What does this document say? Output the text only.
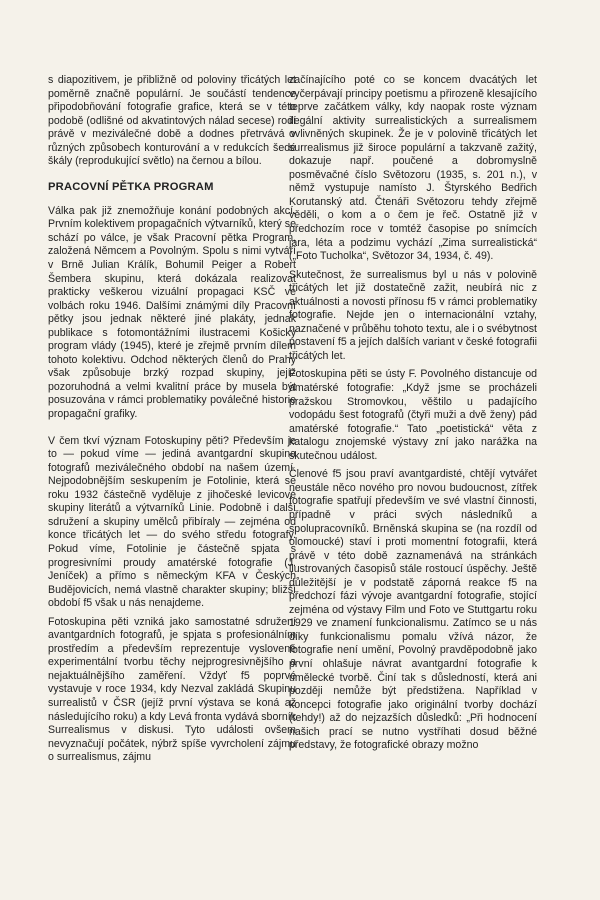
s diapozitivem, je přibližně od poloviny třicátých let poměrně značně populární. Je součástí tendence připodobňování fotografie grafice, která se v této podobě (odlišné od akvatintových nálad secese) rodí právě v meziválečné době a dodnes přetrvává v různých způsobech konturování a v redukcích šedé škály (reprodukující světlo) na černou a bílou.

PRACOVNÍ PĚTKA PROGRAM

Válka pak již znemožňuje konání podobných akcí. Prvním kolektivem propagačních výtvarníků, který se schází po válce, je však Pracovní pětka Program, založená Němcem a Povolným. Spolu s nimi vytváří v Brně Julian Králík, Bohumil Peiger a Robert Šembera skupinu, která dokázala realizovat prakticky veškerou vizuální propagaci KSČ ve volbách roku 1946. Dalšími známými díly Pracovní pětky jsou jednak některé jiné plakáty, jednak publikace s fotomontážními ilustracemi Košický program vlády (1945), které je zřejmě prvním dílem tohoto kolektivu. Odchod některých členů do Prahy však způsobuje brzký rozpad skupiny, jejíž pozoruhodná a velmi kvalitní práce by musela být posuzována v rámci problematiky poválečné historie propagační grafiky.

V čem tkví význam Fotoskupiny pěti? Především je to — pokud víme — jediná avantgardní skupina fotografů meziválečného období na našem území. Nejpodobnějším seskupením je Fotolinie, která se roku 1932 částečně vyděluje z jihočeské levicové skupiny literátů a výtvarníků Linie. Podobně i další sdružení a skupiny umělců přibíraly — zejména od konce třicátých let — do svého středu fotografy. Pokud víme, Fotolinie je částečně spjata s progresivními proudy amatérské fotografie (J. Jeníček) a přímo s německým KFA v Českých Budějovicích, nemá vlastně charakter skupiny; bližší období f5 však u nás nenajdeme.

Fotoskupina pěti vzniká jako samostatné sdružení avantgardních fotografů, je spjata s profesionálním prostředím a především reprezentuje vysloveně experimentální tvorbu těchy nejprogresivnějšího a nejaktuálnějšího zaměření. Vždyť f5 poprvé vystavuje v roce 1934, kdy Nezval zakládá Skupinu surrealistů v ČSR (jejíž první výstava se koná až následujícího roku) a kdy Levá fronta vydává sborník Surrealismus v diskusi. Tyto události ovšem nevyznačují počátek, nýbrž spíše vyvrcholení zájmu o surrealismus, zájmu

začínajícího poté co se koncem dvacátých let vyčerpávají principy poetismu a přirozeně klesajícího teprve začátkem války, kdy naopak roste význam ilegální aktivity surrealistických a surrealismem ovlivněných skupinek. Že je v polovině třicátých let surrealismus již široce populární a takzvaně zažitý, dokazuje např. poučené a dobromyslně posměvačné číslo Světozoru (1935, s. 201 n.), v němž vystupuje namísto J. Štyrského Bedřich Korutanský atd. Čtenáři Světozoru tehdy zřejmě věděli, o kom a o čem je řeč. Ostatně již v předchozím roce v tomtéž časopise po snímcích jara, léta a podzimu vychází „Zima surrealistická“ („Foto Tucholka“, Světozor 34, 1934, č. 49).

Skutečnost, že surrealismus byl u nás v polovině třicátých let již dostatečně zažit, neubírá nic z aktuálnosti a novosti přínosu f5 v rámci problematiky fotografie. Nejde jen o internacionální vztahy, naznačené v průběhu tohoto textu, ale i o svébytnost postavení f5 a jejích dalších variant v české fotografii třicátých let.

Fotoskupina pěti se ústy F. Povolného distancuje od amatérské fotografie: „Když jsme se procházeli pražskou Stromovkou, věštilo u padajícího vodopádu šest fotografů (čtyři muži a dvě ženy) pád amatérské fotografie.“ Tato „poetistická“ věta z katalogu znojemské výstavy zní jako narážka na skutečnou událost.

Členové f5 jsou praví avantgardisté, chtějí vytvářet neustále něco nového pro novou budoucnost, zítřek fotografie spatřují především ve své vlastní činnosti, případně v práci svých následníků a spolupracovníků. Brněnská skupina se (na rozdíl od olomoucké) staví i proti momentní fotografii, která právě v této době zaznamenává na stránkách ilustrovaných časopisů stále rostoucí úspěchy. Ještě důležitější je v podstatě záporná reakce f5 na předchozí fázi vývoje avantgardní fotografie, stojící zejména od výstavy Film und Foto ve Stuttgartu roku 1929 ve znamení funkcionalismu. Zatímco se u nás díky funkcionalismu pomalu vžívá názor, že fotografie není umění, Povolný pravděpodobně jako první ohlašuje návrat avantgardní fotografie k umělecké tvorbě. Činí tak s důsledností, která ani později nemůže být předstižena. Například v koncepci fotografie jako originální tvorby dochází (tehdy!) až do nejzazších důsledků: „Při hodnocení našich prací se nutno vystříhati dosud běžné představy, že fotografické obrazy možno
